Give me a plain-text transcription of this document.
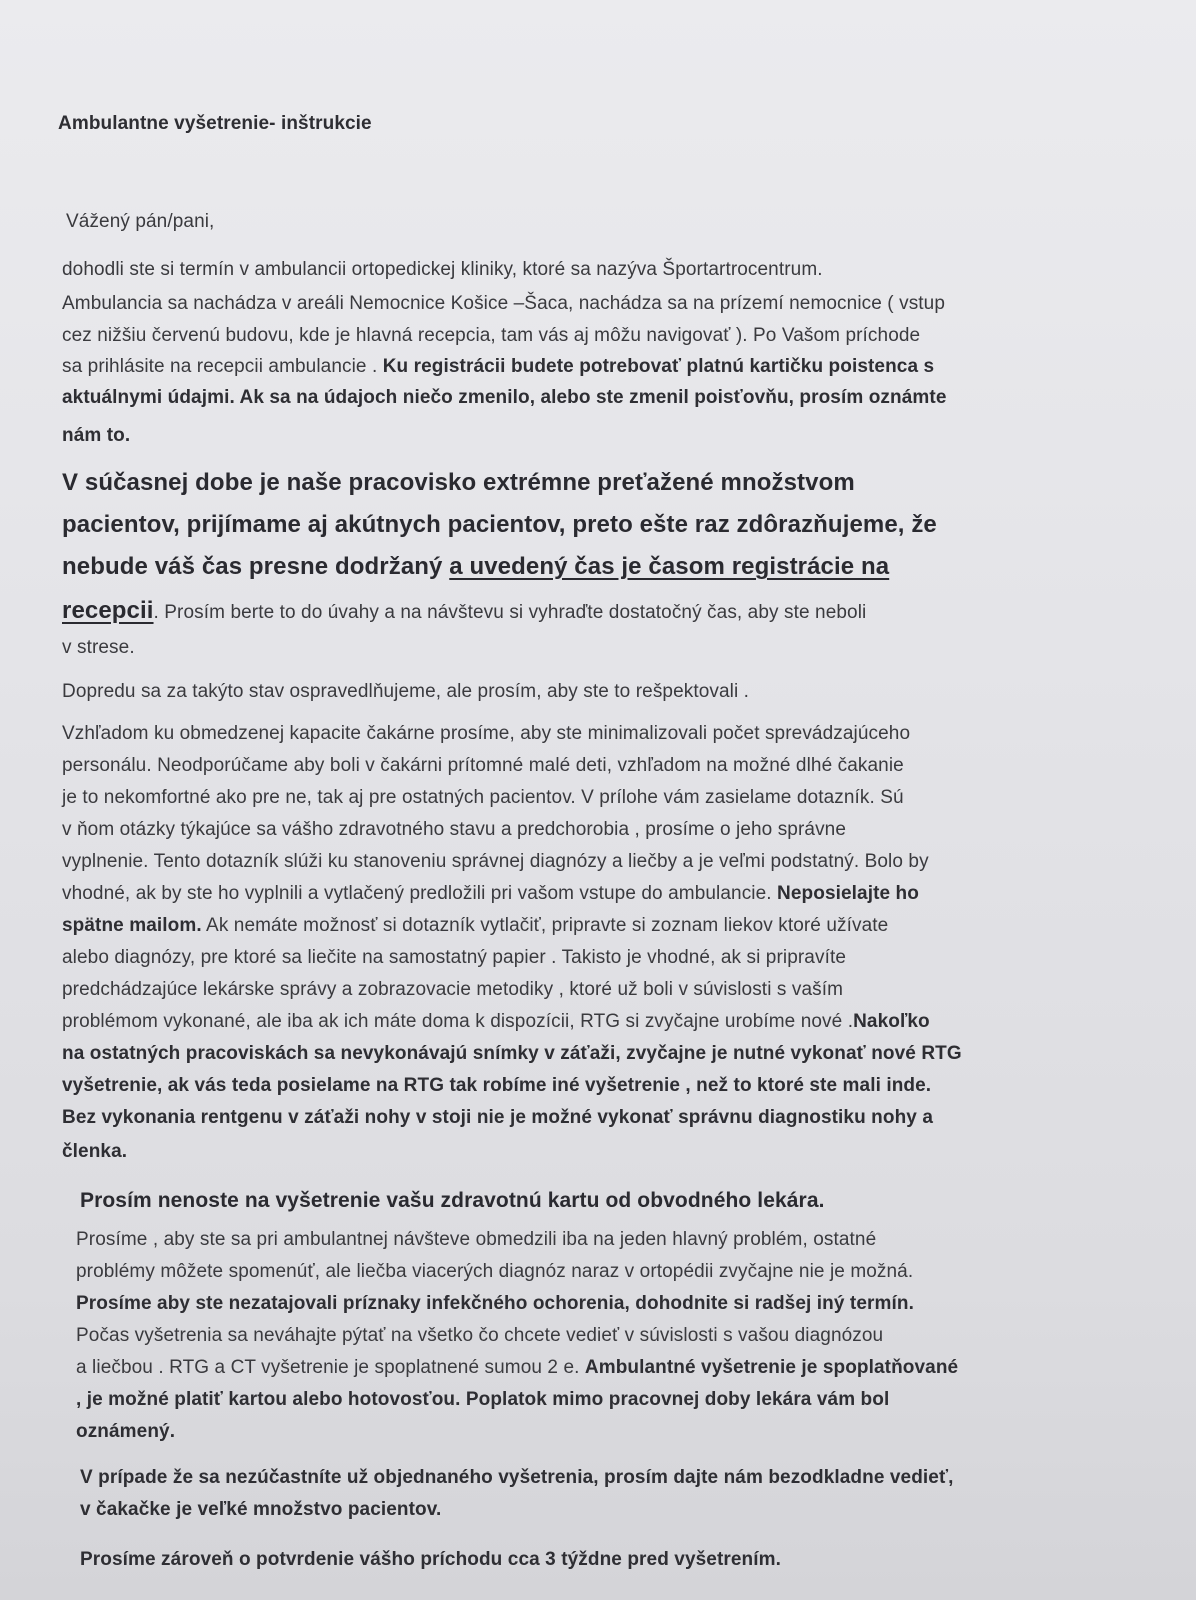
Ambulantne vyšetrenie- inštrukcie

Vážený pán/pani,

dohodli ste si termín v ambulancii ortopedickej kliniky, ktoré sa nazýva Športartrocentrum.

Ambulancia sa nachádza v areáli Nemocnice Košice –Šaca, nachádza sa na prízemí nemocnice ( vstup

cez nižšiu červenú budovu, kde je hlavná recepcia, tam vás aj môžu navigovať ). Po Vašom príchode

sa prihlásite na recepcii ambulancie . Ku registrácii budete potrebovať platnú kartičku poistenca s

aktuálnymi údajmi. Ak sa na údajoch niečo zmenilo, alebo ste zmenil poisťovňu, prosím oznámte

nám to.

V súčasnej dobe je naše pracovisko extrémne preťažené množstvom

pacientov, prijímame aj akútnych pacientov, preto ešte raz zdôrazňujeme, že

nebude váš čas presne dodržaný a uvedený čas je časom registrácie na

recepcii. Prosím berte to do úvahy a na návštevu si vyhraďte dostatočný čas, aby ste neboli

v strese.

Dopredu sa za takýto stav ospravedlňujeme, ale prosím, aby ste to rešpektovali .

Vzhľadom ku obmedzenej kapacite čakárne prosíme, aby ste minimalizovali počet sprevádzajúceho

personálu. Neodporúčame aby boli v čakárni prítomné malé deti, vzhľadom na možné dlhé čakanie

je to nekomfortné ako pre ne, tak aj pre ostatných pacientov. V prílohe vám zasielame dotazník. Sú

v ňom otázky týkajúce sa vášho zdravotného stavu a predchorobia , prosíme o jeho správne

vyplnenie. Tento dotazník slúži ku stanoveniu správnej diagnózy a liečby a je veľmi podstatný. Bolo by

vhodné, ak by ste ho vyplnili a vytlačený predložili pri vašom vstupe do ambulancie. Neposielajte ho

spätne mailom. Ak nemáte možnosť si dotazník vytlačiť, pripravte si zoznam liekov ktoré užívate

alebo diagnózy, pre ktoré sa liečite na samostatný papier . Takisto je vhodné, ak si pripravíte

predchádzajúce lekárske správy a zobrazovacie metodiky , ktoré už boli v súvislosti s vaším

problémom vykonané, ale iba ak ich máte doma k dispozícii, RTG si zvyčajne urobíme nové .Nakoľko

na ostatných pracoviskách sa nevykonávajú snímky v záťaži, zvyčajne je nutné vykonať nové RTG

vyšetrenie, ak vás teda posielame na RTG tak robíme iné vyšetrenie , než to ktoré ste mali inde.

Bez vykonania rentgenu v záťaži nohy v stoji nie je možné vykonať správnu diagnostiku nohy a

členka.

Prosím nenoste na vyšetrenie vašu zdravotnú kartu od obvodného lekára.

Prosíme , aby ste sa pri ambulantnej návšteve obmedzili iba na jeden hlavný problém, ostatné

problémy môžete spomenúť, ale liečba viacerých diagnóz naraz v ortopédii zvyčajne nie je možná.

Prosíme aby ste nezatajovali príznaky infekčného ochorenia, dohodnite si radšej iný termín.

Počas vyšetrenia sa neváhajte pýtať na všetko čo chcete vedieť v súvislosti s vašou diagnózou

a liečbou . RTG a CT vyšetrenie je spoplatnené sumou 2 e. Ambulantné vyšetrenie je spoplatňované

, je možné platiť kartou alebo hotovosťou. Poplatok mimo pracovnej doby lekára vám bol

oznámený.

V prípade že sa nezúčastníte už objednaného vyšetrenia, prosím dajte nám bezodkladne vedieť,

v čakačke je veľké množstvo pacientov.

Prosíme zároveň o potvrdenie vášho príchodu cca 3 týždne pred vyšetrením.
